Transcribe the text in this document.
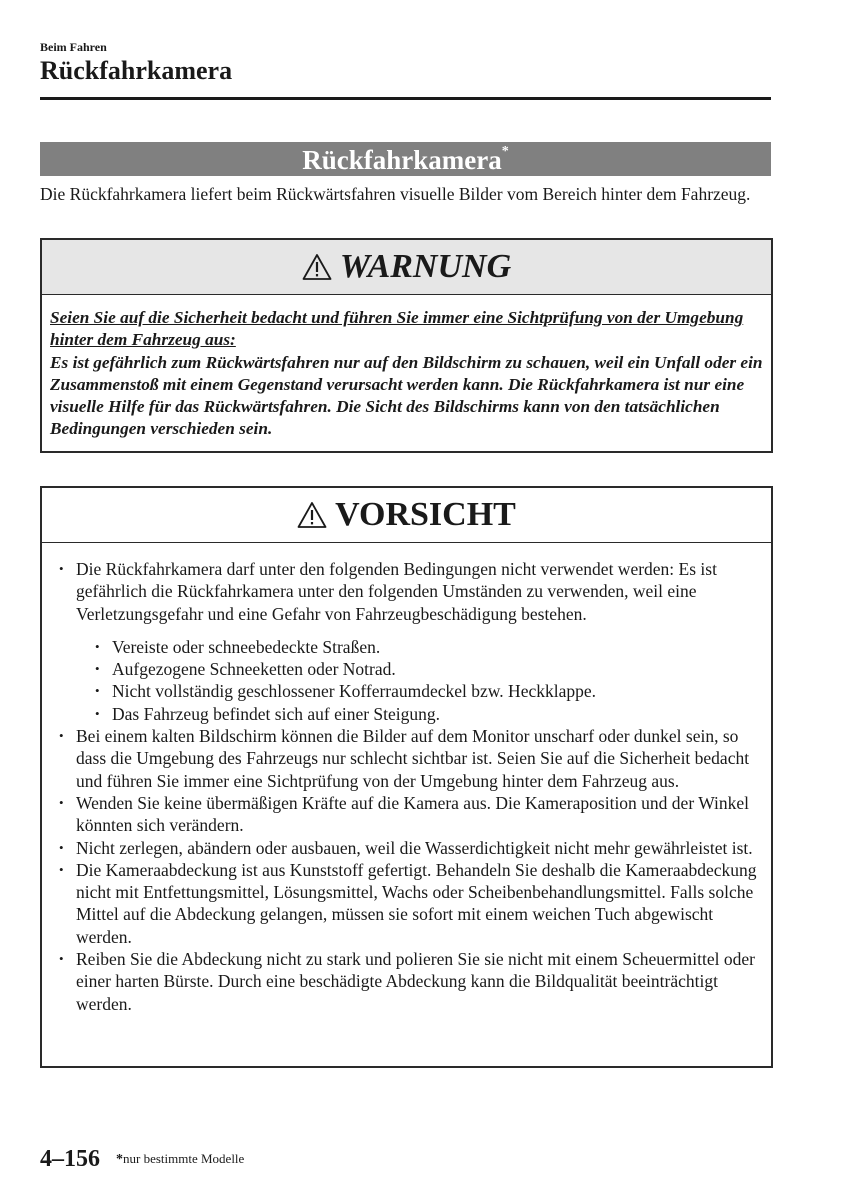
Beim Fahren
Rückfahrkamera
Rückfahrkamera*

Die Rückfahrkamera liefert beim Rückwärtsfahren visuelle Bilder vom Bereich hinter dem Fahrzeug.

WARNUNG

Seien Sie auf die Sicherheit bedacht und führen Sie immer eine Sichtprüfung von der Umgebung hinter dem Fahrzeug aus:

Es ist gefährlich zum Rückwärtsfahren nur auf den Bildschirm zu schauen, weil ein Unfall oder ein Zusammenstoß mit einem Gegenstand verursacht werden kann. Die Rückfahrkamera ist nur eine visuelle Hilfe für das Rückwärtsfahren. Die Sicht des Bildschirms kann von den tatsächlichen Bedingungen verschieden sein.

VORSICHT
• Die Rückfahrkamera darf unter den folgenden Bedingungen nicht verwendet werden: Es ist gefährlich die Rückfahrkamera unter den folgenden Umständen zu verwenden, weil eine Verletzungsgefahr und eine Gefahr von Fahrzeugbeschädigung bestehen.
• Vereiste oder schneebedeckte Straßen.
• Aufgezogene Schneeketten oder Notrad.
• Nicht vollständig geschlossener Kofferraumdeckel bzw. Heckklappe.
• Das Fahrzeug befindet sich auf einer Steigung.
• Bei einem kalten Bildschirm können die Bilder auf dem Monitor unscharf oder dunkel sein, so dass die Umgebung des Fahrzeugs nur schlecht sichtbar ist. Seien Sie auf die Sicherheit bedacht und führen Sie immer eine Sichtprüfung von der Umgebung hinter dem Fahrzeug aus.
• Wenden Sie keine übermäßigen Kräfte auf die Kamera aus. Die Kameraposition und der Winkel könnten sich verändern.
• Nicht zerlegen, abändern oder ausbauen, weil die Wasserdichtigkeit nicht mehr gewährleistet ist.
• Die Kameraabdeckung ist aus Kunststoff gefertigt. Behandeln Sie deshalb die Kameraabdeckung nicht mit Entfettungsmittel, Lösungsmittel, Wachs oder Scheibenbehandlungsmittel. Falls solche Mittel auf die Abdeckung gelangen, müssen sie sofort mit einem weichen Tuch abgewischt werden.
• Reiben Sie die Abdeckung nicht zu stark und polieren Sie sie nicht mit einem Scheuermittel oder einer harten Bürste. Durch eine beschädigte Abdeckung kann die Bildqualität beeinträchtigt werden.
4–156 *nur bestimmte Modelle
